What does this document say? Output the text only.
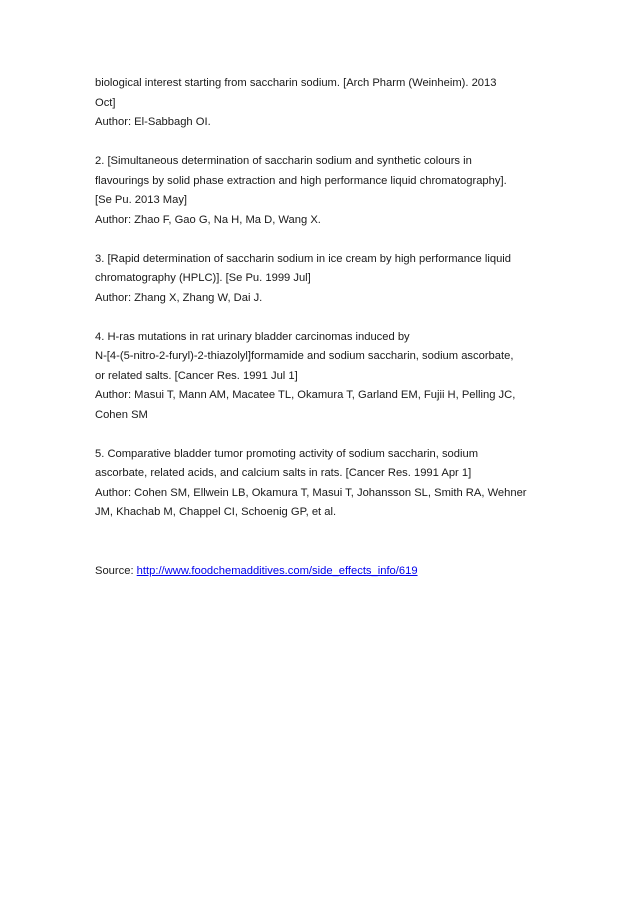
biological interest starting from saccharin sodium. [Arch Pharm (Weinheim). 2013
Oct]
Author: El-Sabbagh OI.
2. [Simultaneous determination of saccharin sodium and synthetic colours in
flavourings by solid phase extraction and high performance liquid chromatography].
[Se Pu. 2013 May]
Author: Zhao F, Gao G, Na H, Ma D, Wang X.
3. [Rapid determination of saccharin sodium in ice cream by high performance liquid
chromatography (HPLC)]. [Se Pu. 1999 Jul]
Author: Zhang X, Zhang W, Dai J.
4. H-ras mutations in rat urinary bladder carcinomas induced by
N-[4-(5-nitro-2-furyl)-2-thiazolyl]formamide and sodium saccharin, sodium ascorbate,
or related salts. [Cancer Res. 1991 Jul 1]
Author: Masui T, Mann AM, Macatee TL, Okamura T, Garland EM, Fujii H, Pelling JC,
Cohen SM
5. Comparative bladder tumor promoting activity of sodium saccharin, sodium
ascorbate, related acids, and calcium salts in rats. [Cancer Res. 1991 Apr 1]
Author: Cohen SM, Ellwein LB, Okamura T, Masui T, Johansson SL, Smith RA, Wehner
JM, Khachab M, Chappel CI, Schoenig GP, et al.
Source: http://www.foodchemadditives.com/side_effects_info/619
